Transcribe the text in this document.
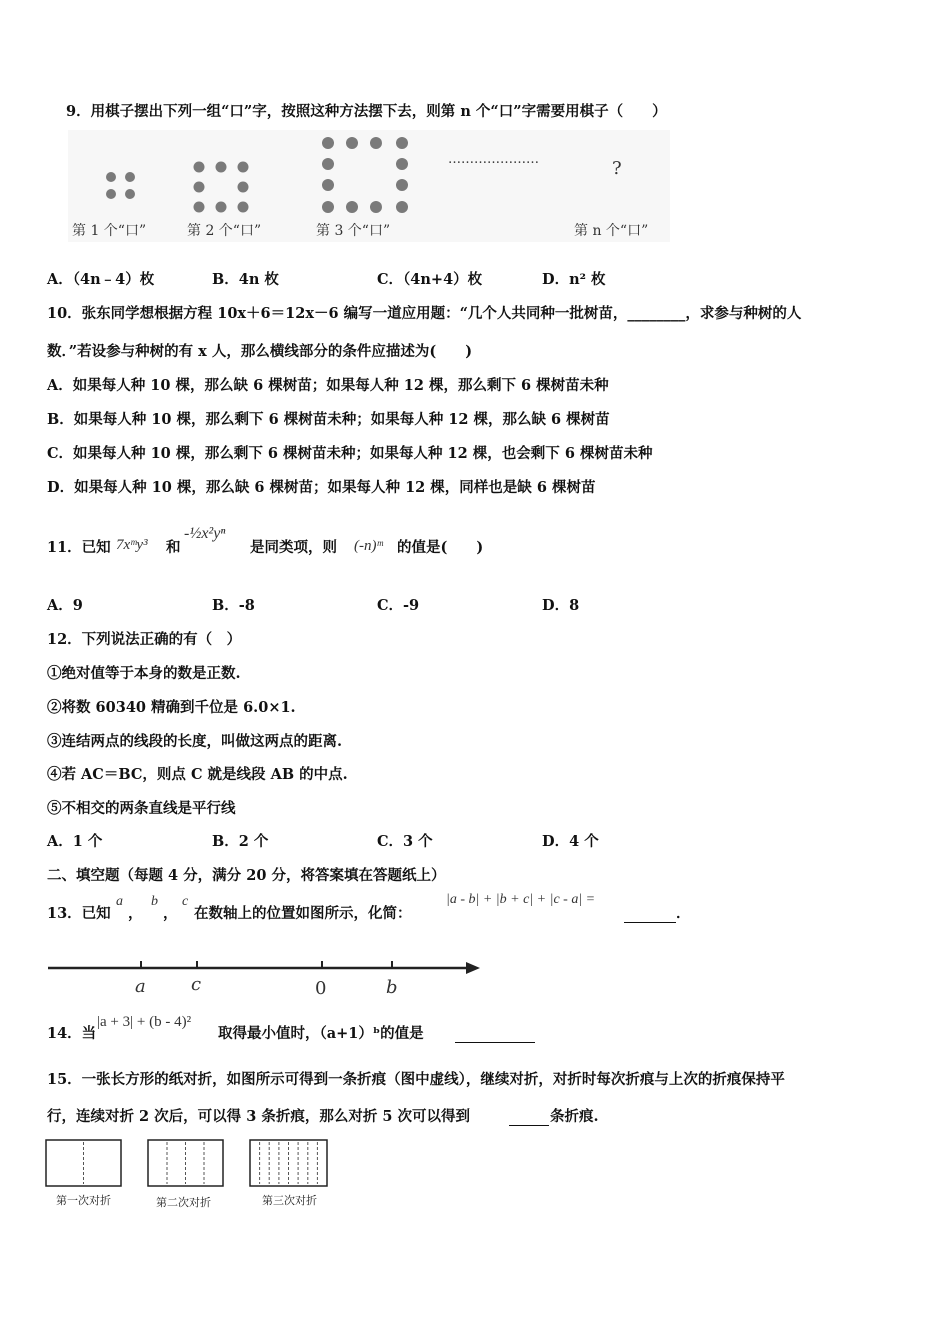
9．用棋子摆出下列一组“口”字，按照这种方法摆下去，则第 n 个“口”字需要用棋子（　　）
…………………	?
第 1 个“口”	第 2 个“口”	第 3 个“口”	第 n 个“口”
A．（4n﹣4）枚	B．4n 枚	C．（4n+4）枚	D．n² 枚
10．张东同学想根据方程 10x＋6＝12x－6 编写一道应用题：“几个人共同种一批树苗，________，求参与种树的人
数．”若设参与种树的有 x 人，那么横线部分的条件应描述为(　　)
A．如果每人种 10 棵，那么缺 6 棵树苗；如果每人种 12 棵，那么剩下 6 棵树苗未种
B．如果每人种 10 棵，那么剩下 6 棵树苗未种；如果每人种 12 棵，那么缺 6 棵树苗
C．如果每人种 10 棵，那么剩下 6 棵树苗未种；如果每人种 12 棵，也会剩下 6 棵树苗未种
D．如果每人种 10 棵，那么缺 6 棵树苗；如果每人种 12 棵，同样也是缺 6 棵树苗
11．已知 7xᵐy³ 和
-½x²yⁿ
是同类项，则 (-n)ᵐ 的值是(　　)
A．9	B．-8	C．-9	D．8
12．下列说法正确的有（　）
①绝对值等于本身的数是正数.
②将数 60340 精确到千位是 6.0×1.
③连结两点的线段的长度，叫做这两点的距离.
④若 AC＝BC，则点 C 就是线段 AB 的中点.
⑤不相交的两条直线是平行线
A．1 个	B．2 个	C．3 个	D．4 个
二、填空题（每题 4 分，满分 20 分，将答案填在答题纸上）
13．已知
a
，
b
，
c
在数轴上的位置如图所示，化简：
|a - b| + |b + c| + |c - a| =
．
a	c	0	b
14．当
|a + 3| + (b - 4)²
取得最小值时，（a+1）ᵇ的值是
15．一张长方形的纸对折，如图所示可得到一条折痕（图中虚线），继续对折，对折时每次折痕与上次的折痕保持平
行，连续对折 2 次后，可以得 3 条折痕，那么对折 5 次可以得到	条折痕.
第一次对折	第二次对折	第三次对折
